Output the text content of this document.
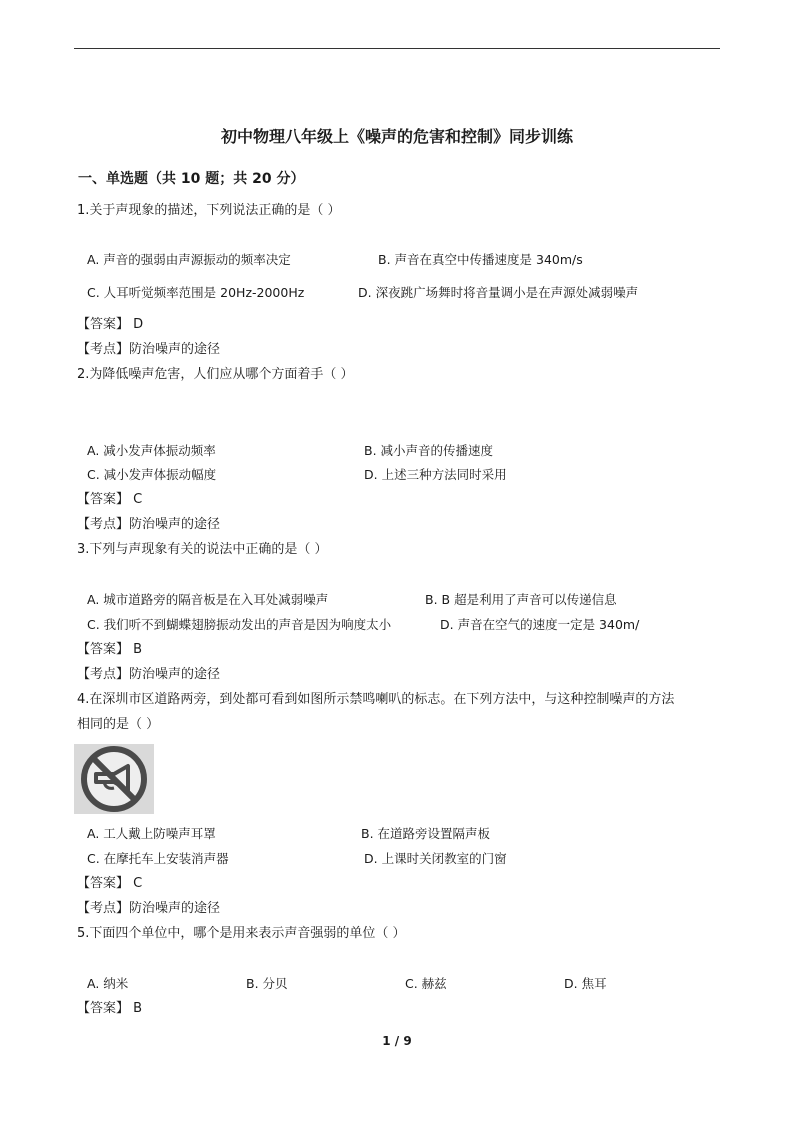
初中物理八年级上《噪声的危害和控制》同步训练
一、单选题（共 10 题；共 20 分）
1.关于声现象的描述，下列说法正确的是（ ）
A. 声音的强弱由声源振动的频率决定	B. 声音在真空中传播速度是 340m/s
C. 人耳听觉频率范围是 20Hz-2000Hz	D. 深夜跳广场舞时将音量调小是在声源处减弱噪声
【答案】 D
【考点】防治噪声的途径
2.为降低噪声危害，人们应从哪个方面着手（ ）
A. 减小发声体振动频率	B. 减小声音的传播速度
C. 减小发声体振动幅度	D. 上述三种方法同时采用
【答案】 C
【考点】防治噪声的途径
3.下列与声现象有关的说法中正确的是（ ）
A. 城市道路旁的隔音板是在入耳处减弱噪声	B. B 超是利用了声音可以传递信息
C. 我们听不到蝴蝶翅膀振动发出的声音是因为响度太小	D. 声音在空气的速度一定是 340m/
【答案】 B
【考点】防治噪声的途径
4.在深圳市区道路两旁，到处都可看到如图所示禁鸣喇叭的标志。在下列方法中，与这种控制噪声的方法
相同的是（ ）
A. 工人戴上防噪声耳罩	B. 在道路旁设置隔声板
C. 在摩托车上安装消声器	D. 上课时关闭教室的门窗
【答案】 C
【考点】防治噪声的途径
5.下面四个单位中，哪个是用来表示声音强弱的单位（ ）
A. 纳米	B. 分贝	C. 赫兹	D. 焦耳
【答案】 B
1 / 9
